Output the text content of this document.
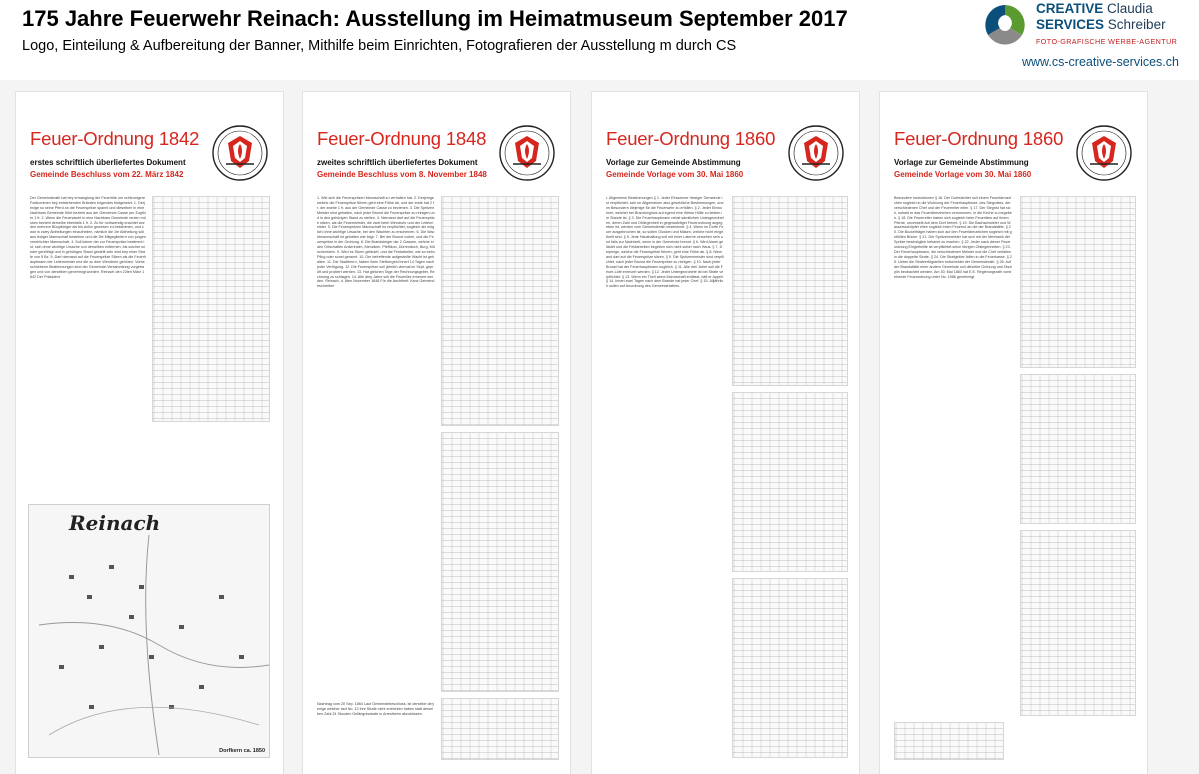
175 Jahre Feuerwehr Reinach: Ausstellung im Heimatmuseum September 2017
Logo, Einteilung & Aufbereitung der Banner, Mithilfe beim Einrichten, Fotografieren der Ausstellung m durch CS
CREATIVE Claudia
SERVICES Schreiber
FOTO-GRAFISCHE WERBE-AGENTUR
www.cs-creative-services.ch
Feuer-Ordnung 1842
erstes schriftlich überliefertes Dokument
Gemeinde Beschluss vom 22. März 1842
Der Gemeinderath hat bey ermanglung der Feuerlöte um schleunigere Fortkommen bey entstehenden Bränden folgendes festgesetzt: 1. Derjenige so seine Pferd an die Feuerspritze spannt und dieselben in eine Nachbars Gemeinde führt bezieht aus der Gemeinde Casse per Zugthier 1 fr. 2. Wenn die Feuerwacht in eine Nachbars Gemeinde reuten müssen bezieht derselbe ebenfalls 1 fr. 3. Zu für nothwendig erachtet worden mehrere Bürgtbürger als bis anhin gewesen zu bestimmen, und zwar in zwey Abtheilungen einzutheilen, nämlich die 1te Abtheilung soll aus lediger Mannschaft bestehen und die 2te Mitgegliedern von jungen verehlichter Mannschaft. 4. Soll keiner der zur Feuerspritze bestimmt ist, sich ohne wichtige Ursache von derselben entfernen, bis solcher wieder genöthigt und in gehörigen Stand gestellt sein wird bey einer Strafe von 5 Bz. 5. Darf niemand auf die Feuerspritze Sitzen als die Feuerhauptmann der Leitermeister und die zu dem Wendrohr gehören. Vorbeschriebene Bestimmungen sind der Gemeinde-Versammlung vorgetragen und von derselben genehmigt worden. Reinach den 22ten März 1842 Der Präsident
Reinach
Dorfkern ca. 1850
Feuer-Ordnung 1848
zweites schriftlich überliefertes Dokument
Gemeinde Beschluss vom 8. November 1848
1. Wie sich die Feuerspritzen Mannschaft zu verhalten hat. 2. Derjenige welche die Feuerspritze führen geht eine Flühe ab, und der erste hat 2 fr. der zweite 1 fr. aus der Gemeinde Casse zu beziehen. 3. Die Spritzen Meister sind gehalten, nach jeder Brunst die Feuerspritze zu reinigen und in den gehörigen Stand zu stellen. 4. Niemand darf auf die Feuerspritze sitzen, als die Feuermeister, die zwei beim Wendrohr und der Leitermeister. 5. Die Feuerspritzen Mannschaft ist verpflichtet, sogleich als möglich ohne wichtige Ursache, bei den Wachten zu erscheinen. 6. Die Wachtmannschaft ist gehalten wie folgt: 7. Bei der Brunst vorbei, und die Feuerspritze in der Ordnung. 8. Die Brandsteiger der 2 Classen, welche in den Ortschaften Ankenheim, Menziken, Pfeffikon, Dürrenäsch, Burg, Münchenstein. 9. Wird es Sturm geläutet, und die Feldarbeiter, wie so beim Pflug oder sonst gerannt. 10. Der befreffende aufgestellte Wacht ist gehalten. 11. Die Stadtherrn, haben ihren Stellvergeld innert 14 Tagen nach jeder Verfügung. 12. Die Feuerspritze soll jährlich viermal im Sept. geprüft und probiert werden. 13. Hat gleichen Tage der Rechnungsgeber, Rechnung zu schlagen. 14. Alle drey Jahre soll die Feuerlöte erneuert werden. Reinach, d. 8ten November 1848 Für die Aechtheit: Kanz Gemeindeschreiber
Nachtrag vom 20 Sep. 1864 Laut Gemeindebeschluss, ist derselbe derjenige welcher laut No. 12 ihre Strafe nicht entrichten haben statt derselben Zahl 24 Stunden Gefängnisstrafe in Arrestheim abzubüssen.
Feuer-Ordnung 1860
Vorlage zur Gemeinde Abstimmung
Gemeinde Vorlage vom 30. Mai 1860
I. Allgemeine Bestimmungen § 1. Jeder Einwohner hiesiger Gemeinde ist verpflichtet, sich im Allgemeinen also gesetzliche Bestimmungen, und im Besondern diejenige für die Feuerwehr zu erfüllen. § 2. Jeder Einwohner, welcher bei Brandunglück auf irgend eine Weise Hülfe zu leisten im Stande ist. § 3. Die Feuerhauptmann nebst sämtlichen Untergeordneten, deren Zahl und Obliegenheit in gegenwärtiger Feuerordnung angegeben ist, werden vom Gemeinderath bezeichnet. § 4. Wenn im Dorfe Feuer ausgebrochen ist, so sollen Glocken und Mäsen, welche nicht eingetheilt sind. § 5. Jede Haushaltung soll mit einer Laterne versehen sein und falls zur Nachtzeit, wenn in der Gemeinde brennt. § 6. Wird Alarm geläutet und die Feldarbeiten begeben sich nicht sofort nach Haus. § 7. Derjenige, welche die Feuerspritze führen, geht eine Flühe ab. § 8. Niemand darf auf die Feuerspritze sitzen. § 9. Die Spritzenmeister sind verpflichtet, nach jeder Brunst die Feuerspritze zu reinigen. § 10. Nach jeder Brunst hat der Feuerhauptmann sogleich. § 11. Alle drei Jahre soll die Feuer-Löte erneuert werden. § 12. Jeder Untergeordnete ist bei Strafe verpflichtet. § 13. Wenn ein Theil seine Mannschaft entlässt, hält er Appell. § 14. Innert zwei Tagen nach dem Brande hat jeder Chef. § 15. Alljährlich sollen auf Anordnung des Gemeinderathes.
Feuer-Ordnung 1860
Vorlage zur Gemeinde Abstimmung
Gemeinde Vorlage vom 30. Mai 1860
Besondere Instruktionen § 16. Der Dorfwächter soll einem Feuerlärmzeichen sogleich in die Wohnung der Feuerhauptleute, des Stegrottes, der verschiedenen Chef und der Feuerreiter eilen. § 17. Der Siegrist hat sich, sobald er das Feuerlärmzeichen vernommen, in die Kirche zu begeben. § 18. Die Feuerreiter haben sich sogleich beim Feuerlärm auf ihrem Pferde, unverweilt auf dem Dorf brennt. § 19. Die Bachschwieler und Wassersschöpfer eilen sogleich beim Feuerruf an die der Brandstätte. § 20. Die Buckelträger haben sich auf den Feuerlärmzeichen sogleich mit gefüllten Bücke. § 21. Der Spritzenmeister hat sich mit der Mechanik der Spritze bestmöglich bekannt zu machen. § 22. Jeder nach dieser Feuerordnung Eingetheilte ist verpflichtet seine übrigen Obliegenheiten. § 23. Der Feuerhauptmann, die verschiedenen Meister und die Chef verfallen in die doppelte Strafe. § 24. Die Strafgelder fallen in die Feuerkasse. § 25. Ueber die Strafverfügstellen entscheidet der Gemeinderath. § 26. Auf der Brandstätte einer andern Gemeinde soll dieselbe Ordnung und Disziplin beobachtet werden. Am 30. Mai 1860 hat E.E. Regierungsrath vorstehende Feuerordnung unter No. 1586 genehmigt.
